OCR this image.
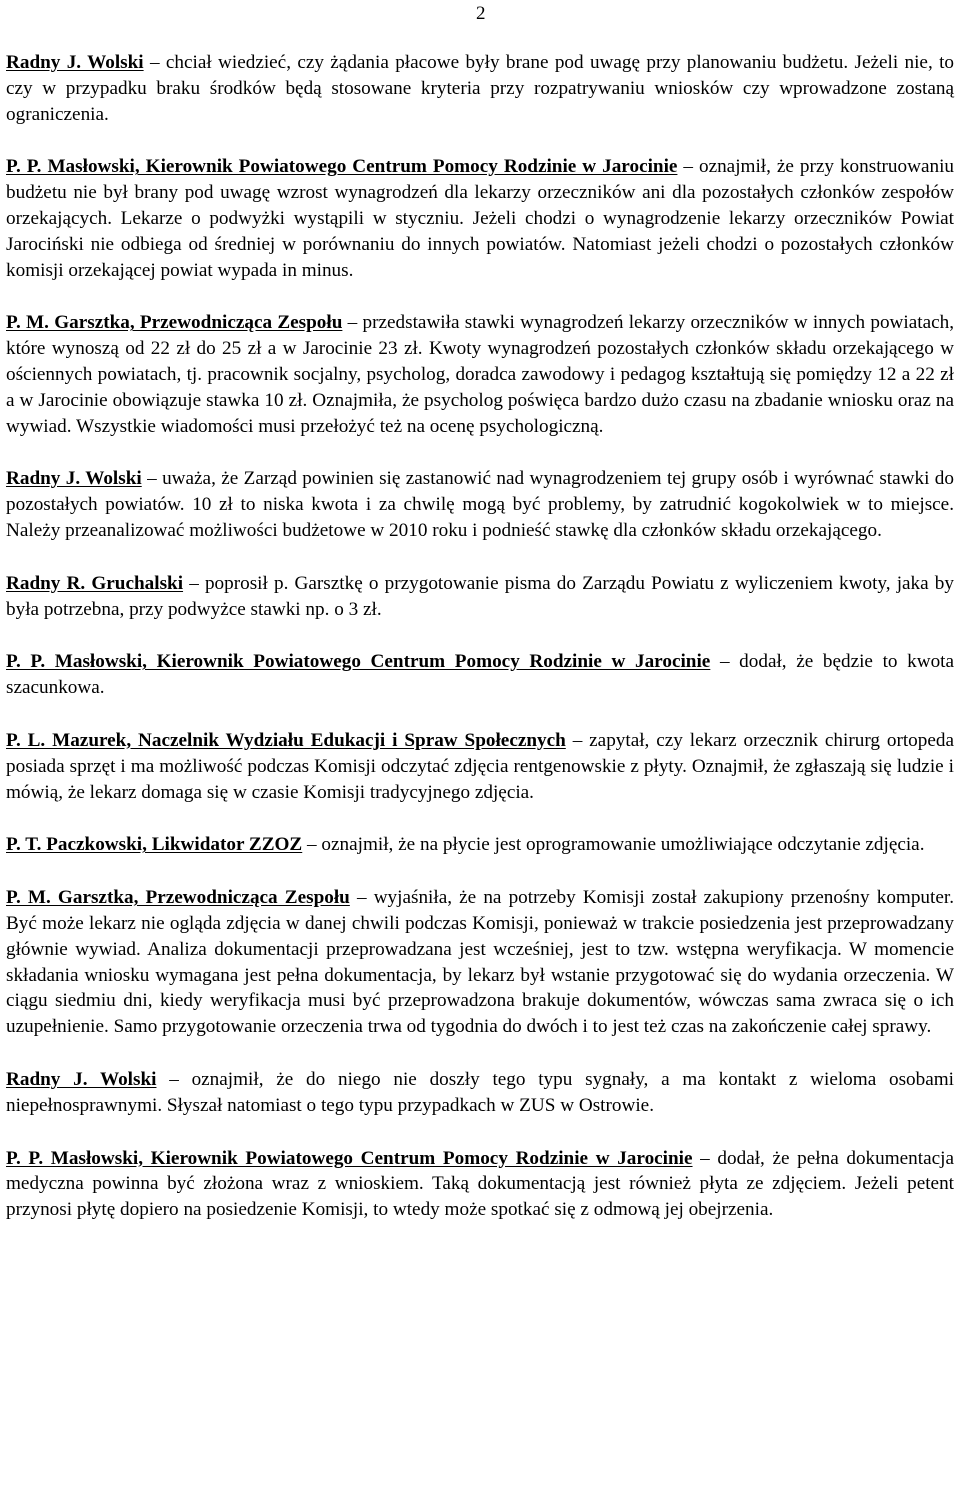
2

Radny J. Wolski – chciał wiedzieć, czy żądania płacowe były brane pod uwagę przy planowaniu budżetu. Jeżeli nie, to czy w przypadku braku środków będą stosowane kryteria przy rozpatrywaniu wniosków czy wprowadzone zostaną ograniczenia.

P. P. Masłowski, Kierownik Powiatowego Centrum Pomocy Rodzinie w Jarocinie – oznajmił, że przy konstruowaniu budżetu nie był brany pod uwagę wzrost wynagrodzeń dla lekarzy orzeczników ani dla pozostałych członków zespołów orzekających. Lekarze o podwyżki wystąpili w styczniu. Jeżeli chodzi o wynagrodzenie lekarzy orzeczników Powiat Jarociński nie odbiega od średniej w porównaniu do innych powiatów. Natomiast jeżeli chodzi o pozostałych członków komisji orzekającej powiat wypada in minus.

P. M. Garsztka, Przewodnicząca Zespołu – przedstawiła stawki wynagrodzeń lekarzy orzeczników w innych powiatach, które wynoszą od 22 zł do 25 zł a w Jarocinie 23 zł. Kwoty wynagrodzeń pozostałych członków składu orzekającego w ościennych powiatach, tj. pracownik socjalny, psycholog, doradca zawodowy i pedagog kształtują się pomiędzy 12 a 22 zł a w Jarocinie obowiązuje stawka 10 zł. Oznajmiła, że psycholog poświęca bardzo dużo czasu na zbadanie wniosku oraz na wywiad. Wszystkie wiadomości musi przełożyć też na ocenę psychologiczną.

Radny J. Wolski – uważa, że Zarząd powinien się zastanowić nad wynagrodzeniem tej grupy osób i wyrównać stawki do pozostałych powiatów. 10 zł to niska kwota i za chwilę mogą być problemy, by zatrudnić kogokolwiek w to miejsce. Należy przeanalizować możliwości budżetowe w 2010 roku i podnieść stawkę dla członków składu orzekającego.

Radny R. Gruchalski – poprosił p. Garsztkę o przygotowanie pisma do Zarządu Powiatu z wyliczeniem kwoty, jaka by była potrzebna, przy podwyżce stawki np. o 3 zł.

P. P. Masłowski, Kierownik Powiatowego Centrum Pomocy Rodzinie w Jarocinie – dodał, że będzie to kwota szacunkowa.

P. L. Mazurek, Naczelnik Wydziału Edukacji i Spraw Społecznych – zapytał, czy lekarz orzecznik chirurg ortopeda posiada sprzęt i ma możliwość podczas Komisji odczytać zdjęcia rentgenowskie z płyty. Oznajmił, że zgłaszają się ludzie i mówią, że lekarz domaga się w czasie Komisji tradycyjnego zdjęcia.

P. T. Paczkowski, Likwidator ZZOZ – oznajmił, że na płycie jest oprogramowanie umożliwiające odczytanie zdjęcia.

P. M. Garsztka, Przewodnicząca Zespołu – wyjaśniła, że na potrzeby Komisji został zakupiony przenośny komputer. Być może lekarz nie ogląda zdjęcia w danej chwili podczas Komisji, ponieważ w trakcie posiedzenia jest przeprowadzany głównie wywiad. Analiza dokumentacji przeprowadzana jest wcześniej, jest to tzw. wstępna weryfikacja. W momencie składania wniosku wymagana jest pełna dokumentacja, by lekarz był wstanie przygotować się do wydania orzeczenia. W ciągu siedmiu dni, kiedy weryfikacja musi być przeprowadzona brakuje dokumentów, wówczas sama zwraca się o ich uzupełnienie. Samo przygotowanie orzeczenia trwa od tygodnia do dwóch i to jest też czas na zakończenie całej sprawy.

Radny J. Wolski – oznajmił, że do niego nie doszły tego typu sygnały, a ma kontakt z wieloma osobami niepełnosprawnymi. Słyszał natomiast o tego typu przypadkach w ZUS w Ostrowie.

P. P. Masłowski, Kierownik Powiatowego Centrum Pomocy Rodzinie w Jarocinie – dodał, że pełna dokumentacja medyczna powinna być złożona wraz z wnioskiem. Taką dokumentacją jest również płyta ze zdjęciem. Jeżeli petent przynosi płytę dopiero na posiedzenie Komisji, to wtedy może spotkać się z odmową jej obejrzenia.
